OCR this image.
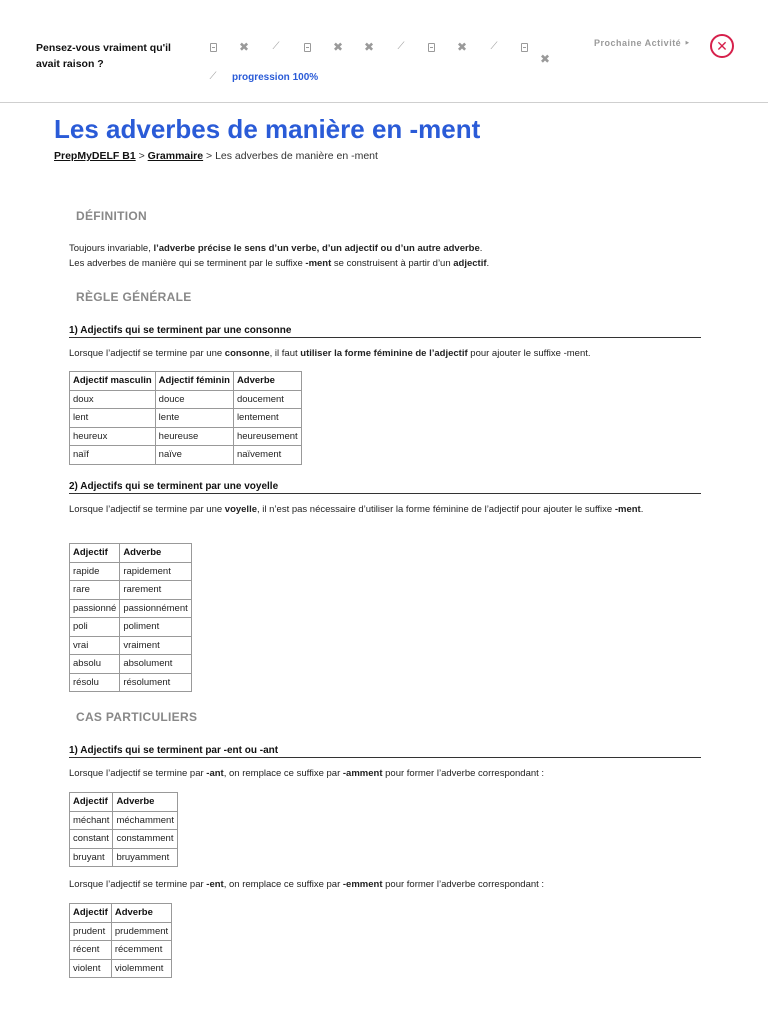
Pensez-vous vraiment qu'il avait raison ?
✖ ⟋	✖ ✖ ⟋	✖ ⟋
✖
⟋ progression 100%
Prochaine Activité ‣ ✕
Les adverbes de manière en -ment
PrepMyDELF B1 > Grammaire > Les adverbes de manière en -ment
DÉFINITION

Toujours invariable, l’adverbe précise le sens d’un verbe, d’un adjectif ou d’un autre adverbe.
Les adverbes de manière qui se terminent par le suffixe -ment se construisent à partir d’un adjectif.

RÈGLE GÉNÉRALE
1) Adjectifs qui se terminent par une consonne

Lorsque l’adjectif se termine par une consonne, il faut utiliser la forme féminine de l’adjectif pour ajouter le suffixe -ment.

Adjectif masculin	Adjectif féminin	Adverbe
doux	douce	doucement
lent	lente	lentement
heureux	heureuse	heureusement
naïf	naïve	naïvement
2) Adjectifs qui se terminent par une voyelle

Lorsque l’adjectif se termine par une voyelle, il n’est pas nécessaire d’utiliser la forme féminine de l’adjectif pour ajouter le suffixe -ment.

Adjectif	Adverbe
rapide	rapidement
rare	rarement
passionné	passionnément
poli	poliment
vrai	vraiment
absolu	absolument
résolu	résolument
CAS PARTICULIERS
1) Adjectifs qui se terminent par -ent ou -ant

Lorsque l’adjectif se termine par -ant, on remplace ce suffixe par -amment pour former l’adverbe correspondant :

Adjectif	Adverbe
méchant	méchamment
constant	constamment
bruyant	bruyamment

Lorsque l’adjectif se termine par -ent, on remplace ce suffixe par -emment pour former l’adverbe correspondant :

Adjectif	Adverbe
prudent	prudemment
récent	récemment
violent	violemment
